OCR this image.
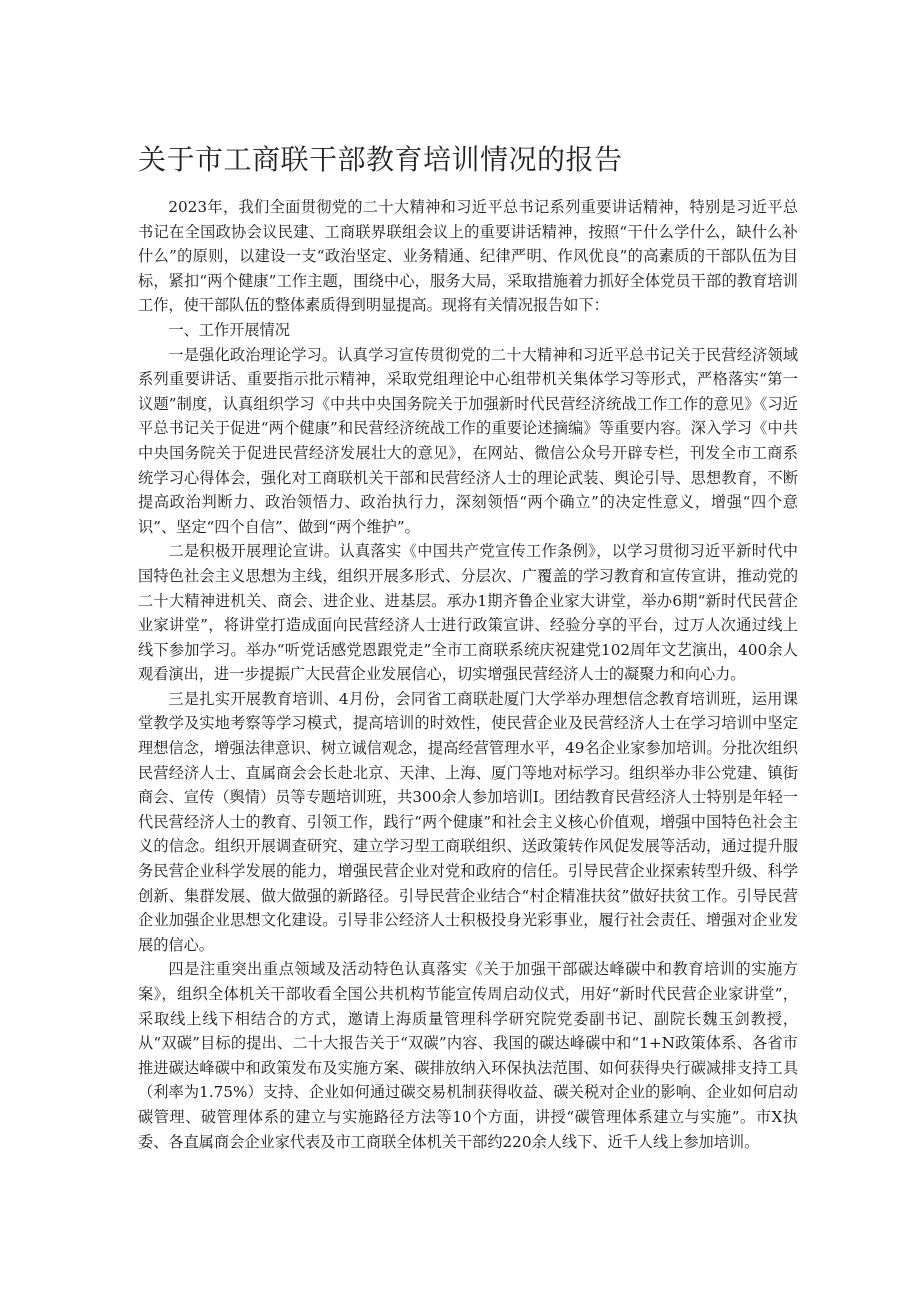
关于市工商联干部教育培训情况的报告

2023年，我们全面贯彻党的二十大精神和习近平总书记系列重要讲话精神，特别是习近平总书记在全国政协会议民建、工商联界联组会议上的重要讲话精神，按照“干什么学什么，缺什么补什么”的原则，以建设一支“政治坚定、业务精通、纪律严明、作风优良”的高素质的干部队伍为目标，紧扣“两个健康”工作主题，围绕中心，服务大局，采取措施着力抓好全体党员干部的教育培训工作，使干部队伍的整体素质得到明显提高。现将有关情况报告如下：

一、工作开展情况

一是强化政治理论学习。认真学习宣传贯彻党的二十大精神和习近平总书记关于民营经济领域系列重要讲话、重要指示批示精神，采取党组理论中心组带机关集体学习等形式，严格落实“第一议题”制度，认真组织学习《中共中央国务院关于加强新时代民营经济统战工作工作的意见》《习近平总书记关于促进“两个健康”和民营经济统战工作的重要论述摘编》等重要内容。深入学习《中共中央国务院关于促进民营经济发展壮大的意见》，在网站、微信公众号开辟专栏，刊发全市工商系统学习心得体会，强化对工商联机关干部和民营经济人士的理论武装、舆论引导、思想教育，不断提高政治判断力、政治领悟力、政治执行力，深刻领悟“两个确立”的决定性意义，增强“四个意识”、坚定“四个自信”、做到“两个维护”。

二是积极开展理论宣讲。认真落实《中国共产党宣传工作条例》，以学习贯彻习近平新时代中国特色社会主义思想为主线，组织开展多形式、分层次、广覆盖的学习教育和宣传宣讲，推动党的二十大精神进机关、商会、进企业、进基层。承办1期齐鲁企业家大讲堂，举办6期“新时代民营企业家讲堂”，将讲堂打造成面向民营经济人士进行政策宣讲、经验分享的平台，过万人次通过线上线下参加学习。举办“听党话感党恩跟党走”全市工商联系统庆祝建党102周年文艺演出，400余人观看演出，进一步提振广大民营企业发展信心，切实增强民营经济人士的凝聚力和向心力。

三是扎实开展教育培训、4月份，会同省工商联赴厦门大学举办理想信念教育培训班，运用课堂教学及实地考察等学习模式，提高培训的时效性，使民营企业及民营经济人士在学习培训中坚定理想信念，增强法律意识、树立诚信观念，提高经营管理水平，49名企业家参加培训。分批次组织民营经济人士、直属商会会长赴北京、天津、上海、厦门等地对标学习。组织举办非公党建、镇街商会、宣传（舆情）员等专题培训班，共300余人参加培训I。团结教育民营经济人士特别是年轻一代民营经济人士的教育、引领工作，践行“两个健康”和社会主义核心价值观，增强中国特色社会主义的信念。组织开展调查研究、建立学习型工商联组织、送政策转作风促发展等活动，通过提升服务民营企业科学发展的能力，增强民营企业对党和政府的信任。引导民营企业探索转型升级、科学创新、集群发展、做大做强的新路径。引导民营企业结合“村企精准扶贫”做好扶贫工作。引导民营企业加强企业思想文化建设。引导非公经济人士积极投身光彩事业，履行社会责任、增强对企业发展的信心。

四是注重突出重点领域及活动特色认真落实《关于加强干部碳达峰碳中和教育培训的实施方案》，组织全体机关干部收看全国公共机构节能宣传周启动仪式，用好“新时代民营企业家讲堂”，采取线上线下相结合的方式，邀请上海质量管理科学研究院党委副书记、副院长魏玉剑教授，从“双碳”目标的提出、二十大报告关于“双碳”内容、我国的碳达峰碳中和“1+N政策体系、各省市推进碳达峰碳中和政策发布及实施方案、碳排放纳入环保执法范围、如何获得央行碳减排支持工具（利率为1.75%）支持、企业如何通过碳交易机制获得收益、碳关税对企业的影响、企业如何启动碳管理、破管理体系的建立与实施路径方法等10个方面，讲授“碳管理体系建立与实施”。市X执委、各直属商会企业家代表及市工商联全体机关干部约220余人线下、近千人线上参加培训。
